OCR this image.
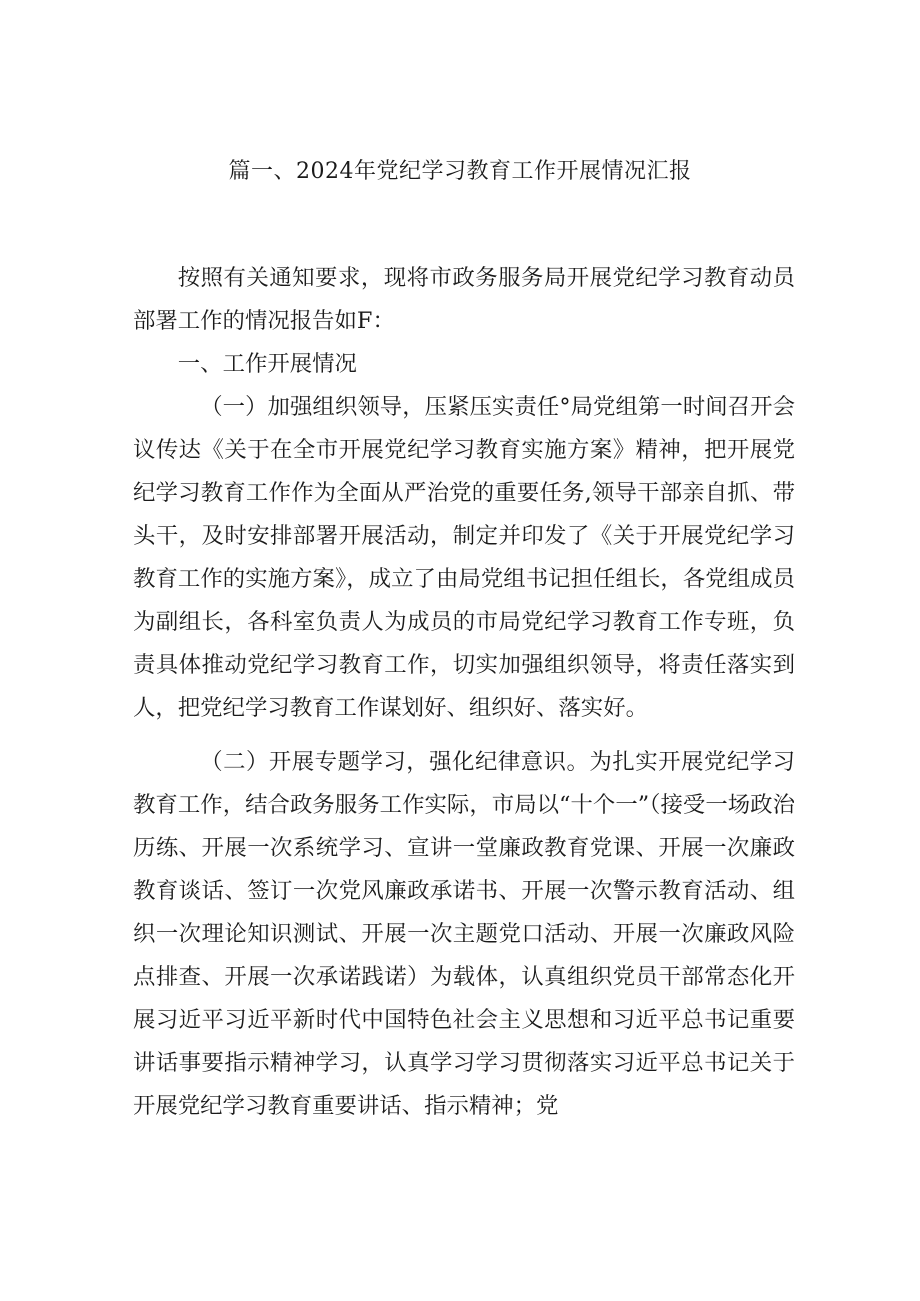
篇一、2024年党纪学习教育工作开展情况汇报

按照有关通知要求，现将市政务服务局开展党纪学习教育动员部署工作的情况报告如F：

一、工作开展情况

（一）加强组织领导，压紧压实责任°局党组第一时间召开会议传达《关于在全市开展党纪学习教育实施方案》精神，把开展党纪学习教育工作作为全面从严治党的重要任务,领导干部亲自抓、带头干，及时安排部署开展活动，制定并印发了《关于开展党纪学习教育工作的实施方案》，成立了由局党组书记担任组长，各党组成员为副组长，各科室负责人为成员的市局党纪学习教育工作专班，负责具体推动党纪学习教育工作，切实加强组织领导，将责任落实到人，把党纪学习教育工作谋划好、组织好、落实好。

（二）开展专题学习，强化纪律意识。为扎实开展党纪学习教育工作，结合政务服务工作实际，市局以“十个一”（接受一场政治历练、开展一次系统学习、宣讲一堂廉政教育党课、开展一次廉政教育谈话、签订一次党风廉政承诺书、开展一次警示教育活动、组织一次理论知识测试、开展一次主题党口活动、开展一次廉政风险点排查、开展一次承诺践诺）为载体，认真组织党员干部常态化开展习近平习近平新时代中国特色社会主义思想和习近平总书记重要讲话事要指示精神学习，认真学习学习贯彻落实习近平总书记关于开展党纪学习教育重要讲话、指示精神；党
